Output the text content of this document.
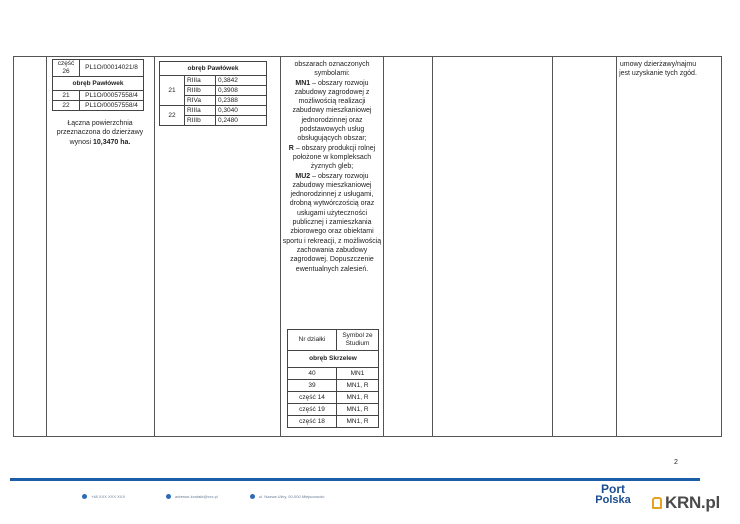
część 26	PL1O/00014021/8
obręb Pawłówek	
21	PL1O/00057558/4
22	PL1O/00057558/4
Łączna powierzchnia przeznaczona do dzierżawy wynosi 10,3470 ha.
obręb Pawłówek		
21	RIIIa	0,3842
	RIIIb	0,3908
	RIVa	0,2388
22	RIIIa	0,3040
	RIIIb	0,2480
obszarach oznaczonych
symbolami:
MN1 – obszary rozwoju zabudowy zagrodowej z możliwością realizacji zabudowy mieszkaniowej jednorodzinnej oraz podstawowych usług obsługujących obszar;
R – obszary produkcji rolnej położone w kompleksach żyznych gleb;
MU2 – obszary rozwoju zabudowy mieszkaniowej jednorodzinnej z usługami, drobną wytwórczością oraz usługami użyteczności publicznej i zamieszkania zbiorowego oraz obiektami sportu i rekreacji, z możliwością zachowania zabudowy zagrodowej. Dopuszczenie ewentualnych zalesień.
Nr działki	Symbol ze Studium
obręb Skrzelew	
40	MN1
39	MN1, R
część 14	MN1, R
część 19	MN1, R
część 18	MN1, R
umowy dzierżawy/najmu jest uzyskanie tych zgód.
2
+48 XXX XXX XXX	adresse-kontakt@xxx.pl	ul. Nazwa Ulicy, 00-000 Miejscowość
Port
Polska	KRN.pl
